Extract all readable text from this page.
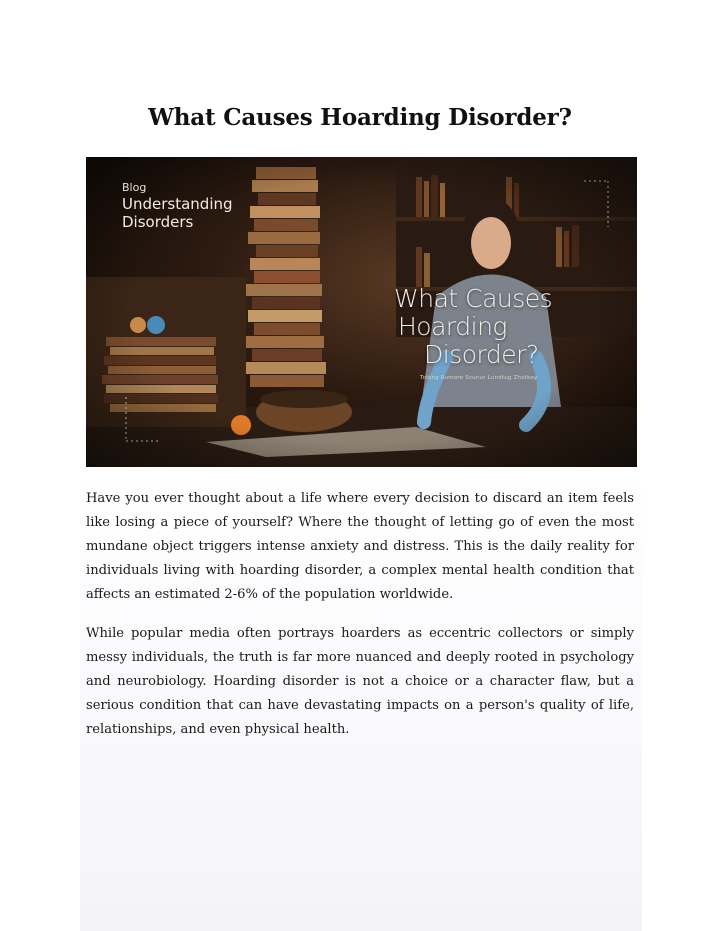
What Causes Hoarding Disorder?
Blog
Understanding Disorders
What Causes
Hoarding
Disorder?
Tolong Rumore Scunur Lundtug Zhotkey

Have you ever thought about a life where every decision to discard an item feels like losing a piece of yourself? Where the thought of letting go of even the most mundane object triggers intense anxiety and distress. This is the daily reality for individuals living with hoarding disorder, a complex mental health condition that affects an estimated 2-6% of the population worldwide.

While popular media often portrays hoarders as eccentric collectors or simply messy individuals, the truth is far more nuanced and deeply rooted in psychology and neurobiology. Hoarding disorder is not a choice or a character flaw, but a serious condition that can have devastating impacts on a person's quality of life, relationships, and even physical health.
